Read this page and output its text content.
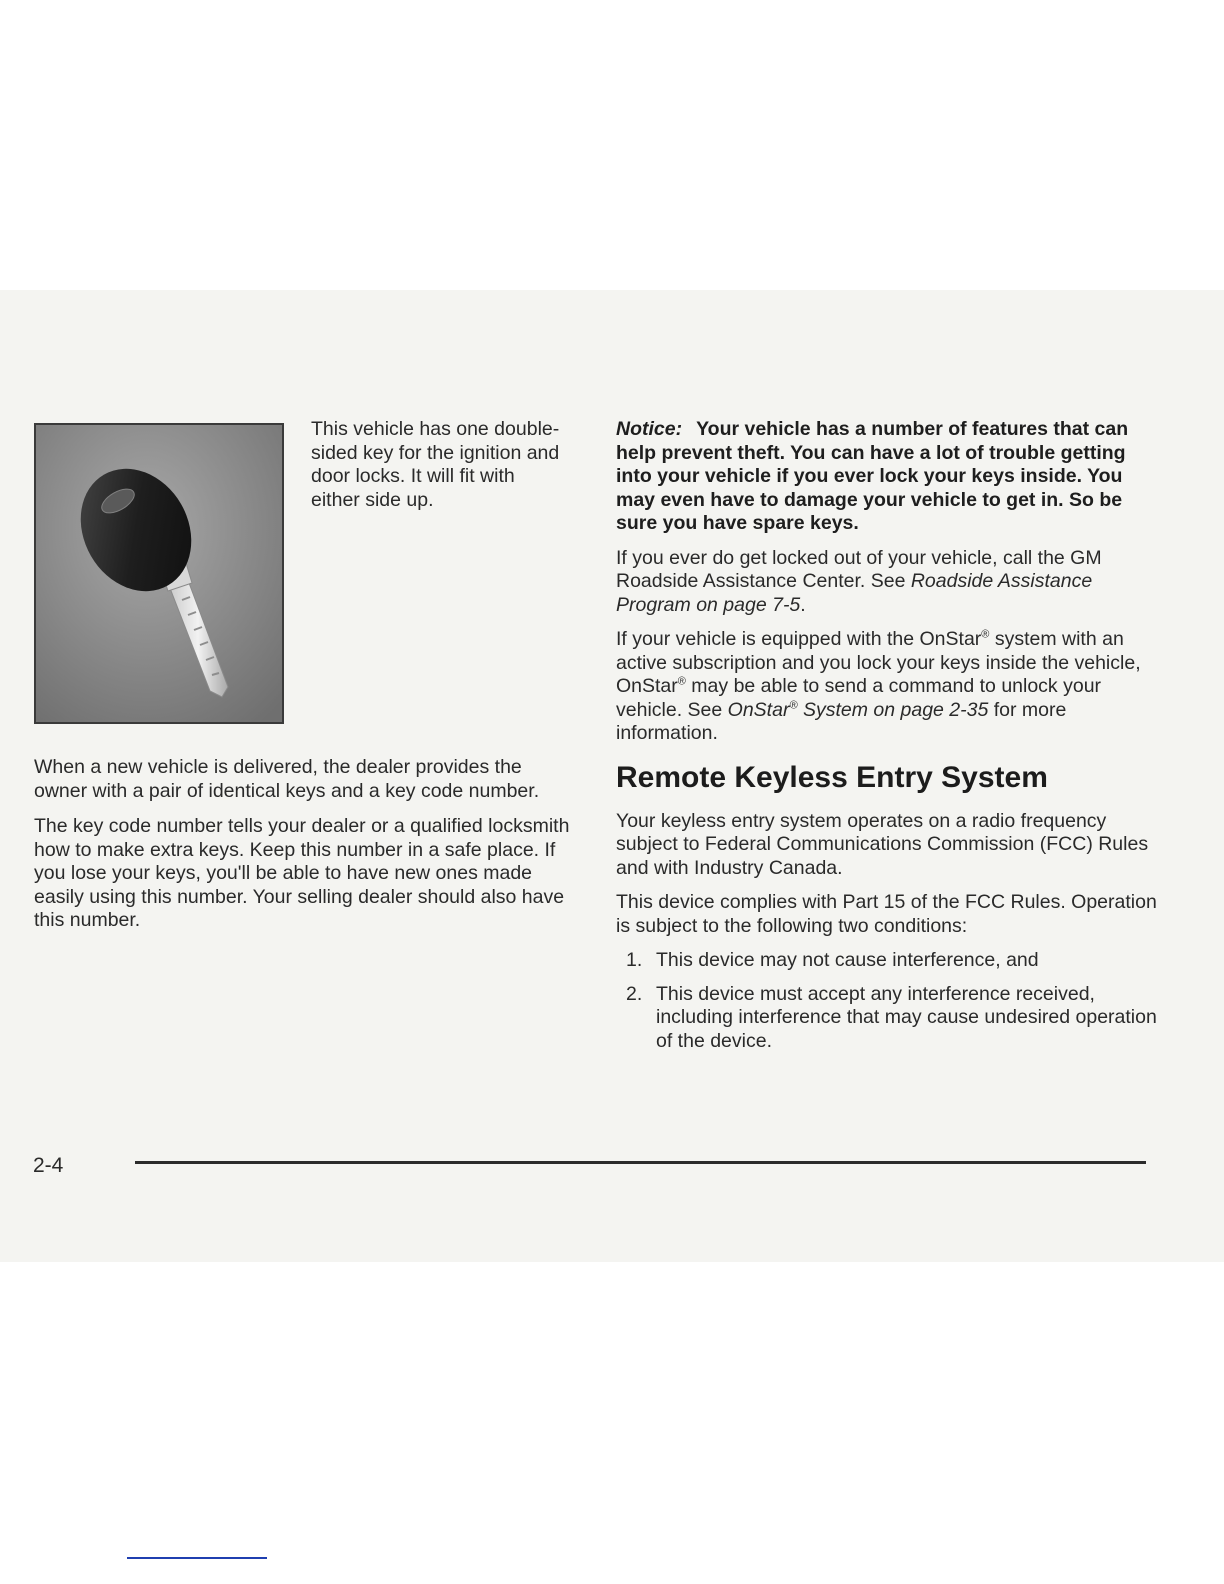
This vehicle has one double-sided key for the ignition and door locks. It will fit with either side up.

When a new vehicle is delivered, the dealer provides the owner with a pair of identical keys and a key code number.

The key code number tells your dealer or a qualified locksmith how to make extra keys. Keep this number in a safe place. If you lose your keys, you'll be able to have new ones made easily using this number. Your selling dealer should also have this number.

Notice: Your vehicle has a number of features that can help prevent theft. You can have a lot of trouble getting into your vehicle if you ever lock your keys inside. You may even have to damage your vehicle to get in. So be sure you have spare keys.

If you ever do get locked out of your vehicle, call the GM Roadside Assistance Center. See Roadside Assistance Program on page 7-5.

If your vehicle is equipped with the OnStar® system with an active subscription and you lock your keys inside the vehicle, OnStar® may be able to send a command to unlock your vehicle. See OnStar® System on page 2-35 for more information.

Remote Keyless Entry System

Your keyless entry system operates on a radio frequency subject to Federal Communications Commission (FCC) Rules and with Industry Canada.

This device complies with Part 15 of the FCC Rules. Operation is subject to the following two conditions:

1. This device may not cause interference, and
2. This device must accept any interference received, including interference that may cause undesired operation of the device.
2-4
